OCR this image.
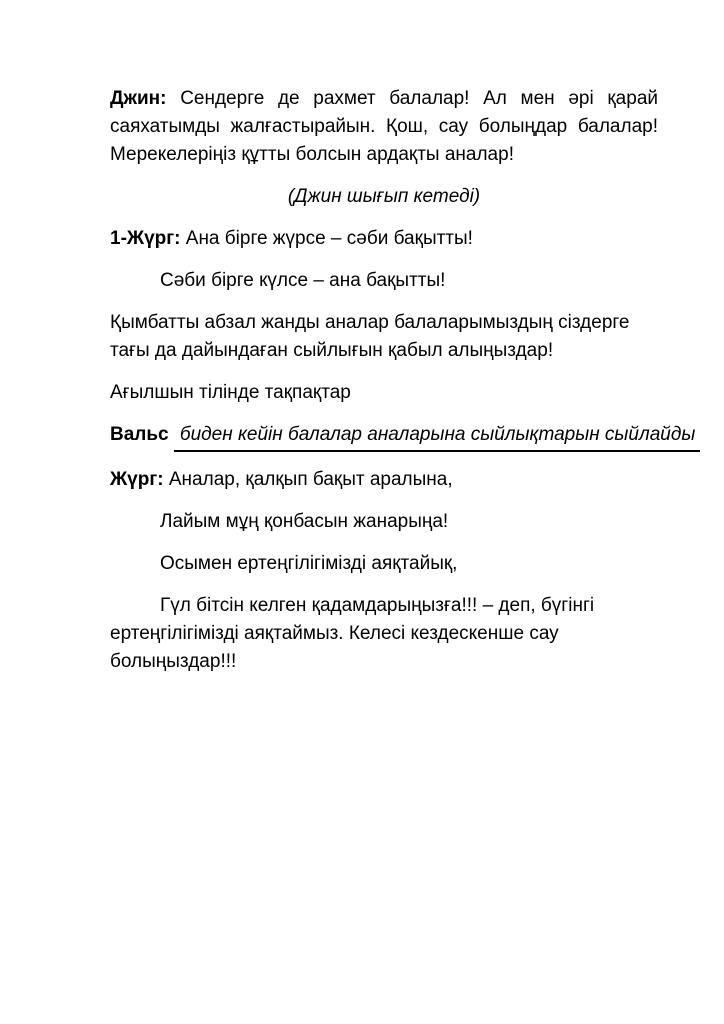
Джин: Сендерге де рахмет балалар! Ал мен әрі қарай саяхатымды жалғастырайын. Қош, сау болыңдар балалар! Мерекелеріңіз құтты болсын ардақты аналар!

(Джин шығып кетеді)

1-Жүрг: Ана бірге жүрсе – сәби бақытты!

Сәби бірге күлсе – ана бақытты!

Қымбатты абзал жанды аналар балаларымыздың сіздерге тағы да дайындаған сыйлығын қабыл алыңыздар!

Ағылшын тілінде тақпақтар

Вальс биден кейін балалар аналарына сыйлықтарын сыйлайды

Жүрг: Аналар, қалқып бақыт аралына,

Лайым мұң қонбасын жанарыңа!

Осымен ертеңгілігімізді аяқтайық,

Гүл бітсін келген қадамдарыңызға!!! – деп, бүгінгі ертеңгілігімізді аяқтаймыз. Келесі кездескенше сау болыңыздар!!!
